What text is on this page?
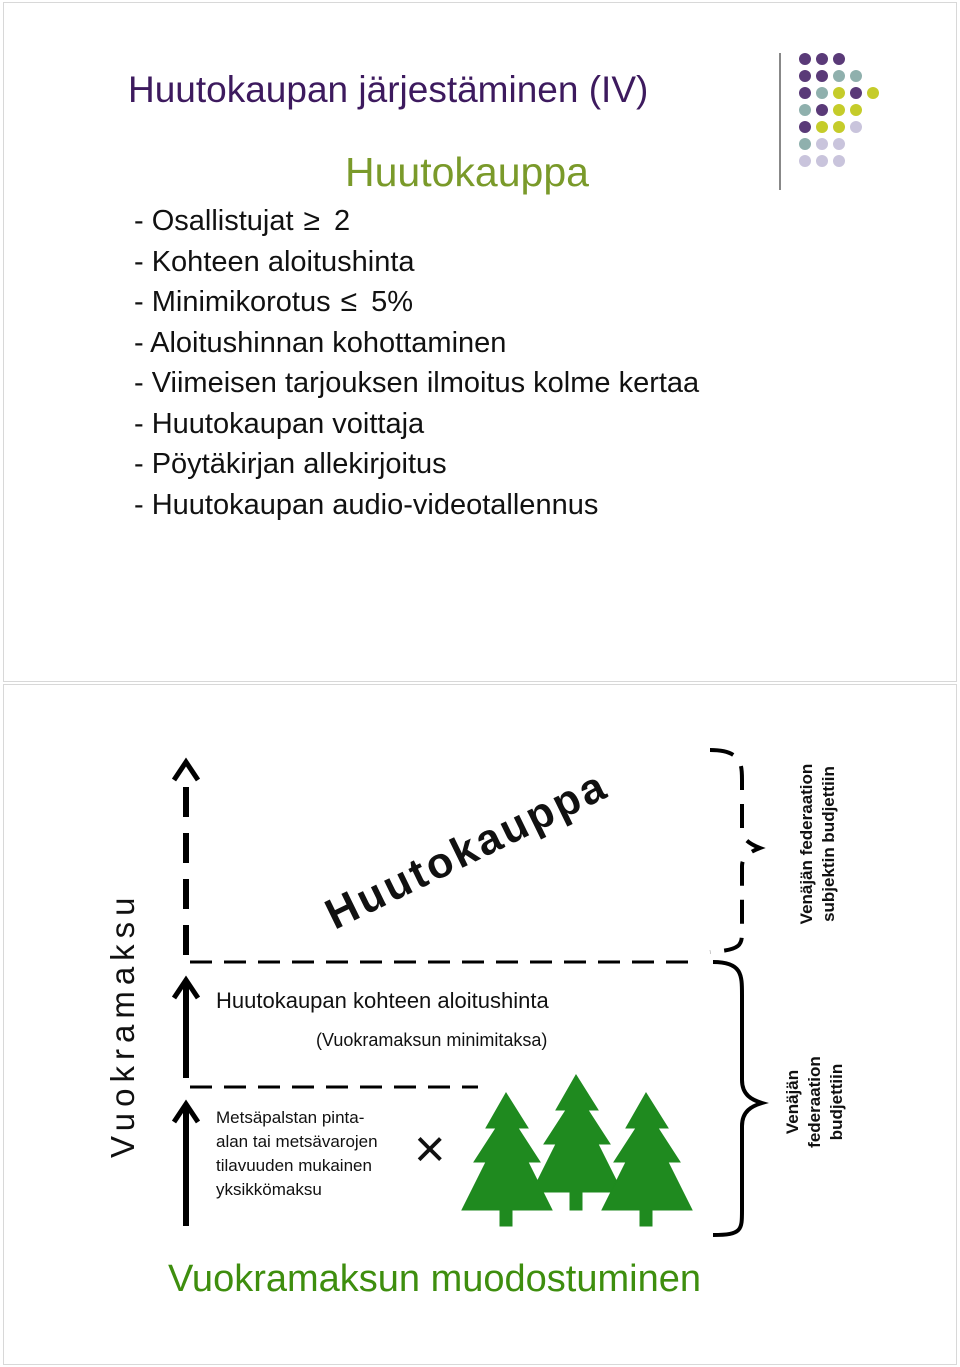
Huutokaupan järjestäminen (IV)
Huutokauppa
- Osallistujat ≥ 2
- Kohteen aloitushinta
- Minimikorotus ≤ 5%
- Aloitushinnan kohottaminen
- Viimeisen tarjouksen ilmoitus kolme kertaa
- Huutokaupan voittaja
- Pöytäkirjan allekirjoitus
- Huutokaupan audio-videotallennus
Vuokramaksu
Huutokauppa
Huutokaupan kohteen aloitushinta
(Vuokramaksun minimitaksa)
Metsäpalstan pinta-
alan tai metsävarojen
tilavuuden mukainen
yksikkömaksu
×
Venäjän federaation subjektin budjettiin
Venäjän federaation budjettiin
Vuokramaksun muodostuminen
